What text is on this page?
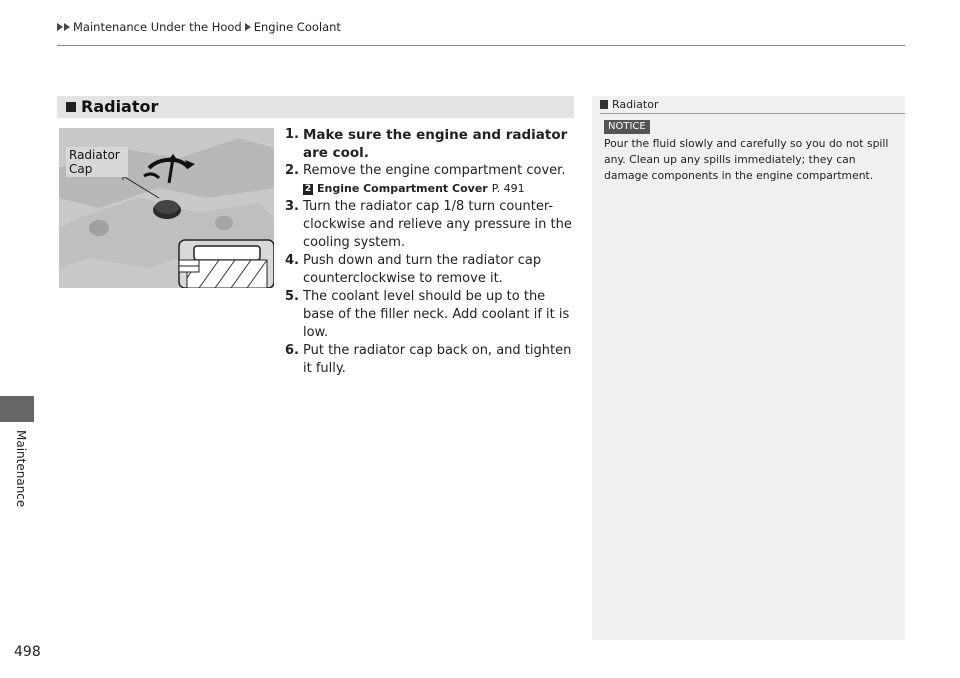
Maintenance Under the Hood Engine Coolant
Maintenance
498
Radiator
Radiator Cap
1. Make sure the engine and radiator are cool.
2. Remove the engine compartment cover.
2 Engine Compartment Cover P. 491
3. Turn the radiator cap 1/8 turn counter-clockwise and relieve any pressure in the cooling system.
4. Push down and turn the radiator cap counterclockwise to remove it.
5. The coolant level should be up to the base of the filler neck. Add coolant if it is low.
6. Put the radiator cap back on, and tighten it fully.
Radiator
NOTICE
Pour the fluid slowly and carefully so you do not spill any. Clean up any spills immediately; they can damage components in the engine compartment.
